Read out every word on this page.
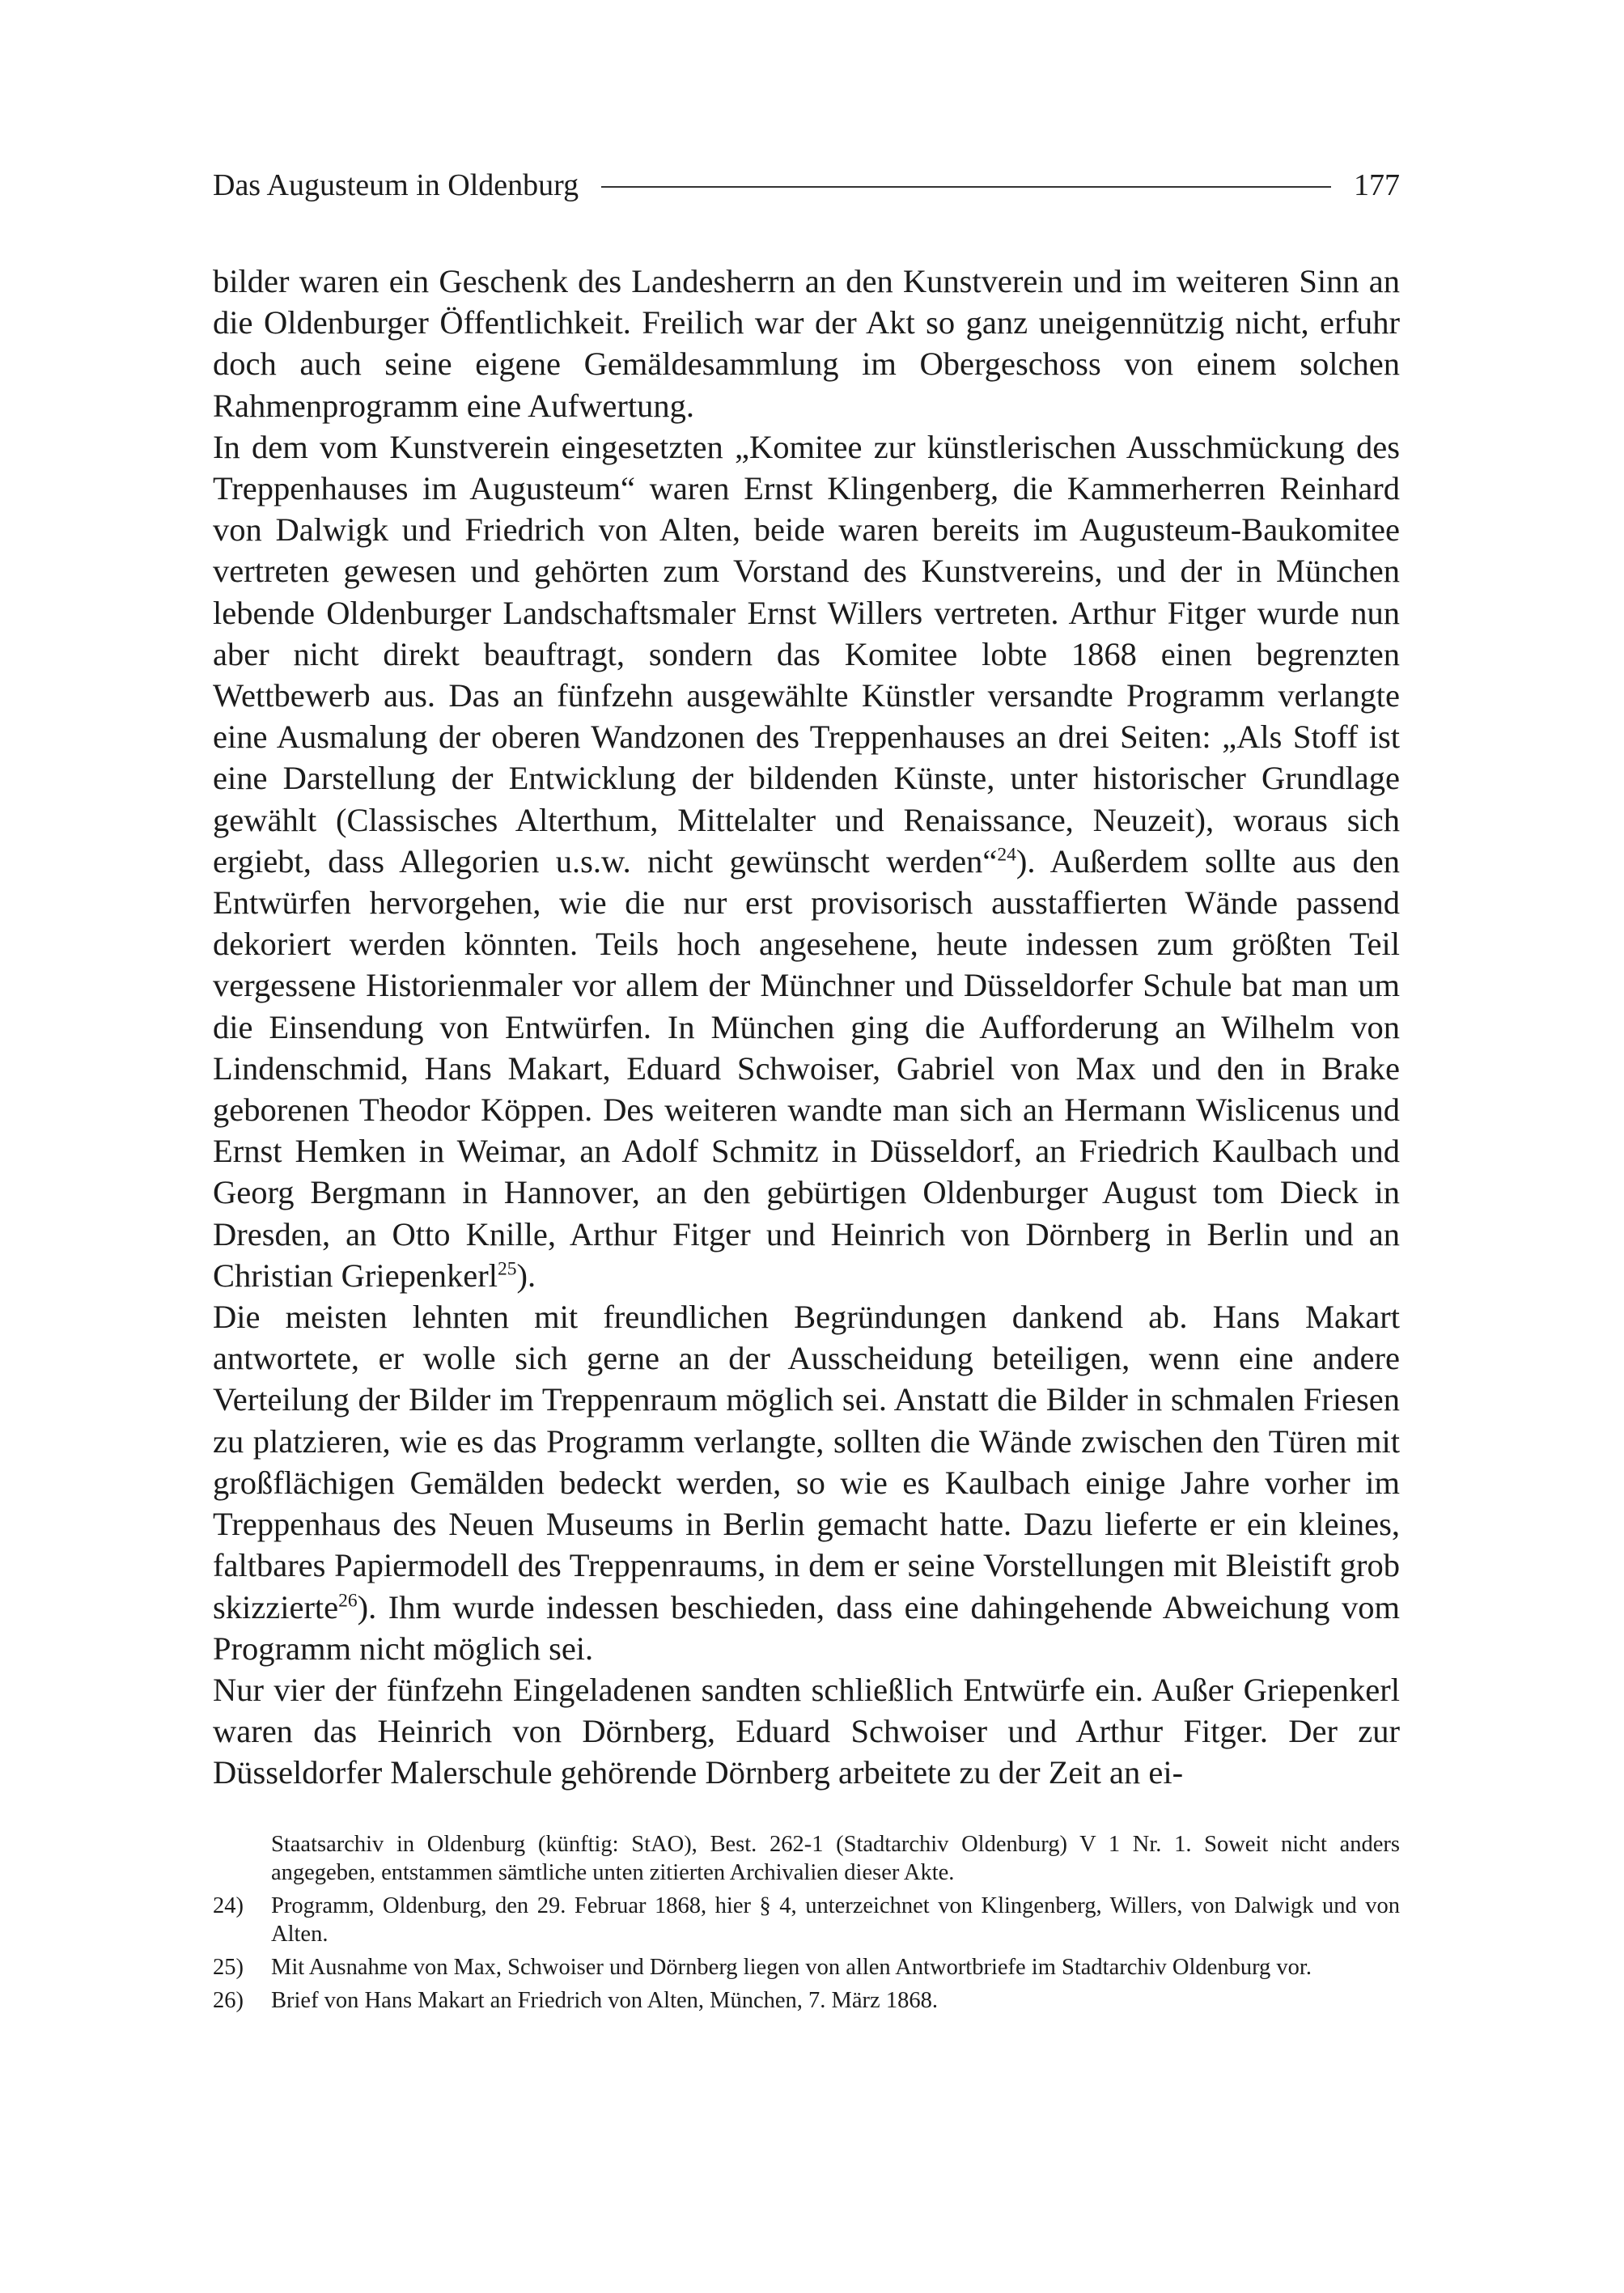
Das Augusteum in Oldenburg	177

bilder waren ein Geschenk des Landesherrn an den Kunstverein und im weiteren Sinn an die Oldenburger Öffentlichkeit. Freilich war der Akt so ganz uneigennützig nicht, erfuhr doch auch seine eigene Gemäldesammlung im Obergeschoss von einem solchen Rahmenprogramm eine Aufwertung.

In dem vom Kunstverein eingesetzten „Komitee zur künstlerischen Ausschmückung des Treppenhauses im Augusteum“ waren Ernst Klingenberg, die Kammerherren Reinhard von Dalwigk und Friedrich von Alten, beide waren bereits im Augusteum-Baukomitee vertreten gewesen und gehörten zum Vorstand des Kunstvereins, und der in München lebende Oldenburger Landschaftsmaler Ernst Willers vertreten. Arthur Fitger wurde nun aber nicht direkt beauftragt, sondern das Komitee lobte 1868 einen begrenzten Wettbewerb aus. Das an fünfzehn ausgewählte Künstler versandte Programm verlangte eine Ausmalung der oberen Wandzonen des Treppenhauses an drei Seiten: „Als Stoff ist eine Darstellung der Entwicklung der bildenden Künste, unter historischer Grundlage gewählt (Classisches Alterthum, Mittelalter und Renaissance, Neuzeit), woraus sich ergiebt, dass Allegorien u.s.w. nicht gewünscht werden“$^{24}$). Außerdem sollte aus den Entwürfen hervorgehen, wie die nur erst provisorisch ausstaffierten Wände passend dekoriert werden könnten. Teils hoch angesehene, heute indessen zum größten Teil vergessene Historienmaler vor allem der Münchner und Düsseldorfer Schule bat man um die Einsendung von Entwürfen. In München ging die Aufforderung an Wilhelm von Lindenschmid, Hans Makart, Eduard Schwoiser, Gabriel von Max und den in Brake geborenen Theodor Köppen. Des weiteren wandte man sich an Hermann Wislicenus und Ernst Hemken in Weimar, an Adolf Schmitz in Düsseldorf, an Friedrich Kaulbach und Georg Bergmann in Hannover, an den gebürtigen Oldenburger August tom Dieck in Dresden, an Otto Knille, Arthur Fitger und Heinrich von Dörnberg in Berlin und an Christian Griepenkerl$^{25}$).

Die meisten lehnten mit freundlichen Begründungen dankend ab. Hans Makart antwortete, er wolle sich gerne an der Ausscheidung beteiligen, wenn eine andere Verteilung der Bilder im Treppenraum möglich sei. Anstatt die Bilder in schmalen Friesen zu platzieren, wie es das Programm verlangte, sollten die Wände zwischen den Türen mit großflächigen Gemälden bedeckt werden, so wie es Kaulbach einige Jahre vorher im Treppenhaus des Neuen Museums in Berlin gemacht hatte. Dazu lieferte er ein kleines, faltbares Papiermodell des Treppenraums, in dem er seine Vorstellungen mit Bleistift grob skizzierte$^{26}$). Ihm wurde indessen beschieden, dass eine dahingehende Abweichung vom Programm nicht möglich sei.

Nur vier der fünfzehn Eingeladenen sandten schließlich Entwürfe ein. Außer Griepenkerl waren das Heinrich von Dörnberg, Eduard Schwoiser und Arthur Fitger. Der zur Düsseldorfer Malerschule gehörende Dörnberg arbeitete zu der Zeit an ei-

Staatsarchiv in Oldenburg (künftig: StAO), Best. 262-1 (Stadtarchiv Oldenburg) V 1 Nr. 1. Soweit nicht anders angegeben, entstammen sämtliche unten zitierten Archivalien dieser Akte.
24)	Programm, Oldenburg, den 29. Februar 1868, hier § 4, unterzeichnet von Klingenberg, Willers, von Dalwigk und von Alten.
25)	Mit Ausnahme von Max, Schwoiser und Dörnberg liegen von allen Antwortbriefe im Stadtarchiv Oldenburg vor.
26)	Brief von Hans Makart an Friedrich von Alten, München, 7. März 1868.
